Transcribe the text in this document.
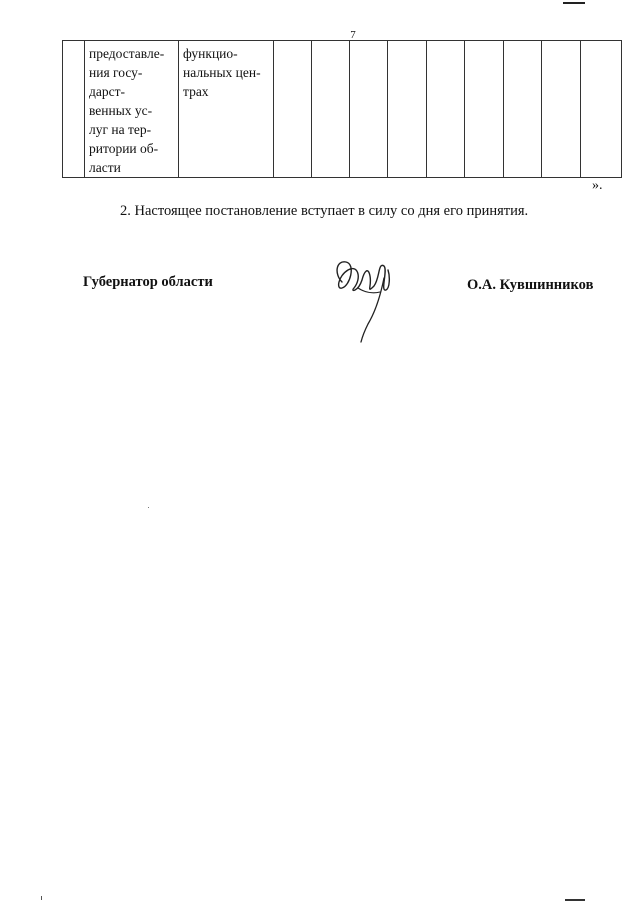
7
	предоставле-
ния госу-
дарст-
венных ус-
луг на тер-
ритории об-
ласти	функцио-
нальных цен-
трах									
».
2. Настоящее постановление вступает в силу со дня его принятия.
Губернатор области	О.А. Кувшинников
